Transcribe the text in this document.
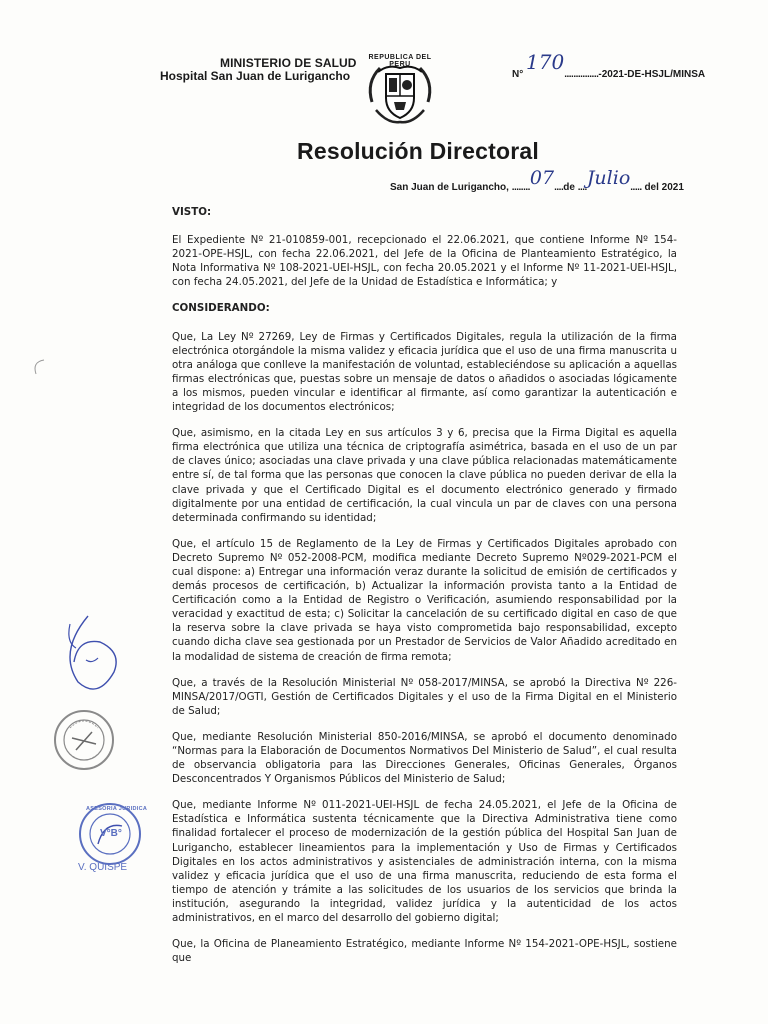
MINISTERIO DE SALUD
Hospital San Juan de Lurigancho
REPUBLICA DEL PERU
N° 170...............-2021-DE-HSJL/MINSA
Resolución Directoral
San Juan de Lurigancho, ........07....de ....Julio..... del 2021

VISTO:

El Expediente Nº 21-010859-001, recepcionado el 22.06.2021, que contiene Informe Nº 154-2021-OPE-HSJL, con fecha 22.06.2021, del Jefe de la Oficina de Planteamiento Estratégico, la Nota Informativa Nº 108-2021-UEI-HSJL, con fecha 20.05.2021 y el Informe Nº 11-2021-UEI-HSJL, con fecha 24.05.2021, del Jefe de la Unidad de Estadística e Informática; y

CONSIDERANDO:

Que, La Ley Nº 27269, Ley de Firmas y Certificados Digitales, regula la utilización de la firma electrónica otorgándole la misma validez y eficacia jurídica que el uso de una firma manuscrita u otra análoga que conlleve la manifestación de voluntad, estableciéndose su aplicación a aquellas firmas electrónicas que, puestas sobre un mensaje de datos o añadidos o asociadas lógicamente a los mismos, pueden vincular e identificar al firmante, así como garantizar la autenticación e integridad de los documentos electrónicos;

Que, asimismo, en la citada Ley en sus artículos 3 y 6, precisa que la Firma Digital es aquella firma electrónica que utiliza una técnica de criptografía asimétrica, basada en el uso de un par de claves único; asociadas una clave privada y una clave pública relacionadas matemáticamente entre sí, de tal forma que las personas que conocen la clave pública no pueden derivar de ella la clave privada y que el Certificado Digital es el documento electrónico generado y firmado digitalmente por una entidad de certificación, la cual vincula un par de claves con una persona determinada confirmando su identidad;

Que, el artículo 15 de Reglamento de la Ley de Firmas y Certificados Digitales aprobado con Decreto Supremo Nº 052-2008-PCM, modifica mediante Decreto Supremo Nº029-2021-PCM el cual dispone: a) Entregar una información veraz durante la solicitud de emisión de certificados y demás procesos de certificación, b) Actualizar la información provista tanto a la Entidad de Certificación como a la Entidad de Registro o Verificación, asumiendo responsabilidad por la veracidad y exactitud de esta; c) Solicitar la cancelación de su certificado digital en caso de que la reserva sobre la clave privada se haya visto comprometida bajo responsabilidad, excepto cuando dicha clave sea gestionada por un Prestador de Servicios de Valor Añadido acreditado en la modalidad de sistema de creación de firma remota;

Que, a través de la Resolución Ministerial Nº 058-2017/MINSA, se aprobó la Directiva Nº 226-MINSA/2017/OGTI, Gestión de Certificados Digitales y el uso de la Firma Digital en el Ministerio de Salud;

Que, mediante Resolución Ministerial 850-2016/MINSA, se aprobó el documento denominado “Normas para la Elaboración de Documentos Normativos Del Ministerio de Salud”, el cual resulta de observancia obligatoria para las Direcciones Generales, Oficinas Generales, Órganos Desconcentrados Y Organismos Públicos del Ministerio de Salud;

Que, mediante Informe Nº 011-2021-UEI-HSJL de fecha 24.05.2021, el Jefe de la Oficina de Estadística e Informática sustenta técnicamente que la Directiva Administrativa tiene como finalidad fortalecer el proceso de modernización de la gestión pública del Hospital San Juan de Lurigancho, establecer lineamientos para la implementación y Uso de Firmas y Certificados Digitales en los actos administrativos y asistenciales de administración interna, con la misma validez y eficacia jurídica que el uso de una firma manuscrita, reduciendo de esta forma el tiempo de atención y trámite a las solicitudes de los usuarios de los servicios que brinda la institución, asegurando la integridad, validez jurídica y la autenticidad de los actos administrativos, en el marco del desarrollo del gobierno digital;

Que, la Oficina de Planeamiento Estratégico, mediante Informe Nº 154-2021-OPE-HSJL, sostiene que

ASESORIA JURIDICA
V°B°
V. QUISPE
